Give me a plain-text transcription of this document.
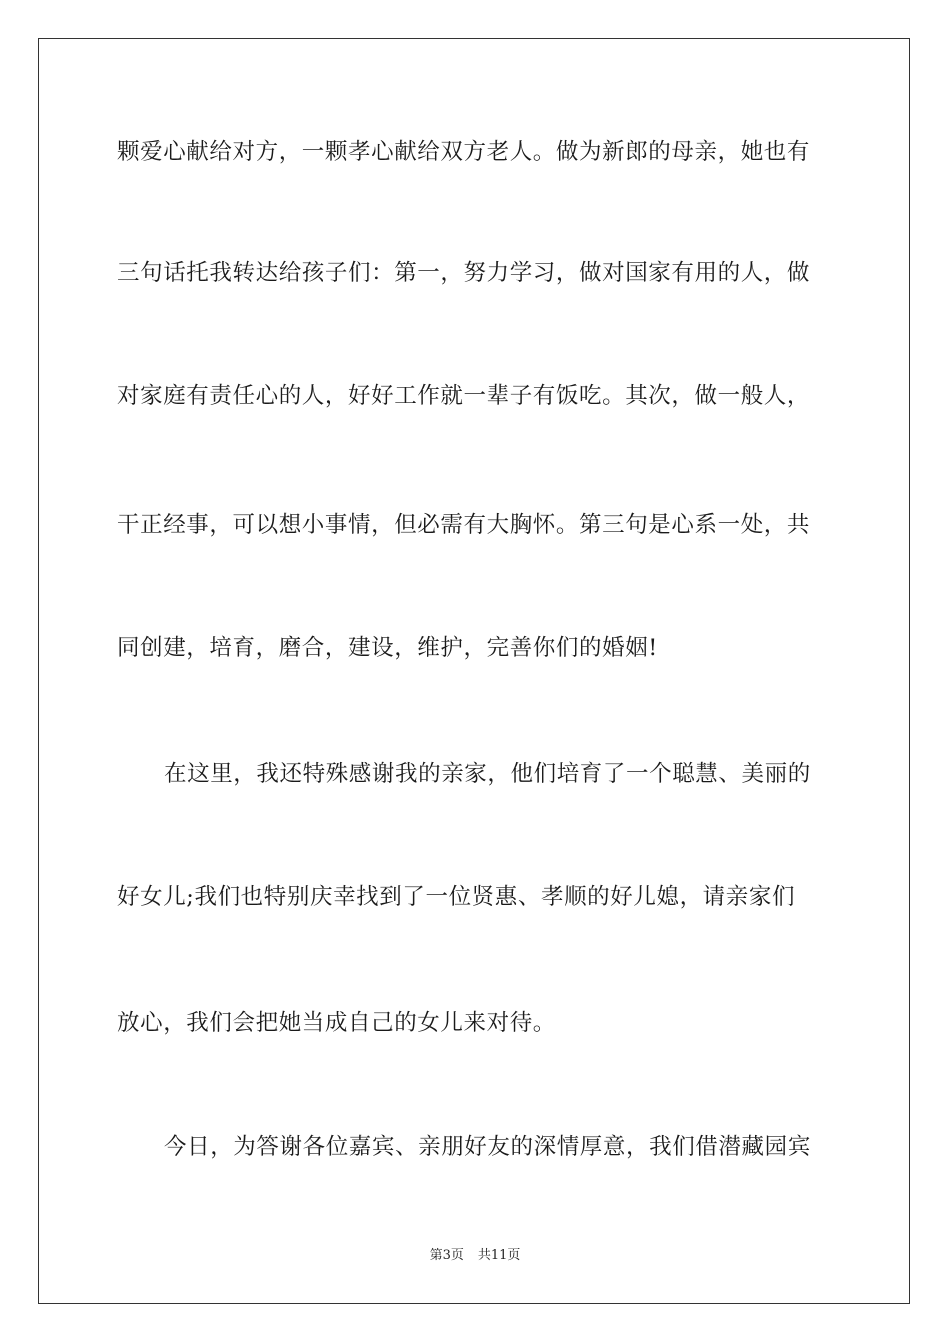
颗爱心献给对方，一颗孝心献给双方老人。做为新郎的母亲，她也有
三句话托我转达给孩子们：第一，努力学习，做对国家有用的人，做
对家庭有责任心的人，好好工作就一辈子有饭吃。其次，做一般人，
干正经事，可以想小事情，但必需有大胸怀。第三句是心系一处，共
同创建，培育，磨合，建设，维护，完善你们的婚姻!
在这里，我还特殊感谢我的亲家，他们培育了一个聪慧、美丽的
好女儿;我们也特别庆幸找到了一位贤惠、孝顺的好儿媳，请亲家们
放心，我们会把她当成自己的女儿来对待。
今日，为答谢各位嘉宾、亲朋好友的深情厚意，我们借潜藏园宾
第3页 共11页
